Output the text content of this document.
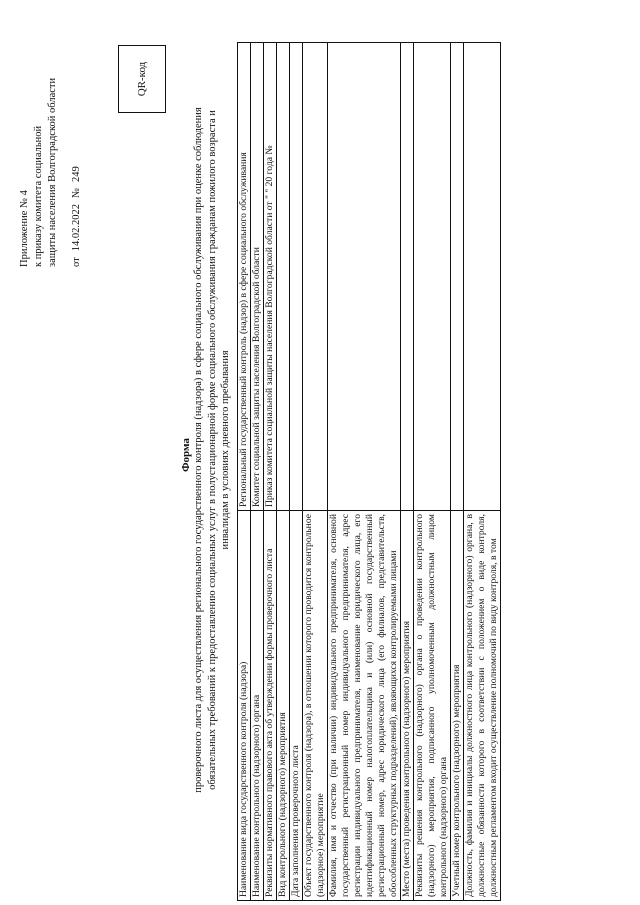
Приложение № 4 к приказу комитета социальной защиты населения Волгоградской области от14.02.2022№249
QR-код
Форма проверочного листа для осуществления регионального государственного контроля (надзора) в сфере социального обслуживания при оценке соблюдения обязательных требований к предоставлению социальных услуг в полустационарной форме социального обслуживания гражданам пожилого возраста и инвалидам в условиях дневного пребывания
Наименование вида государственного контроля (надзора)	Региональный государственный контроль (надзор) в сфере социального обслуживания
Наименование контрольного (надзорного) органа	Комитет социальной защиты населения Волгоградской области
Реквизиты нормативного правового акта об утверждении формы проверочного листа	Приказ комитета социальной защиты населения Волгоградской области от " " 20 года №
Вид контрольного (надзорного) мероприятия	
Дата заполнения проверочного листа	
Объект государственного контроля (надзора), в отношении которого проводится контрольное (надзорное) мероприятие	
Фамилия, имя и отчество (при наличии) индивидуального предпринимателя, основной государственный регистрационный номер индивидуального предпринимателя, адрес регистрации индивидуального предпринимателя, наименование юридического лица, его идентификационный номер налогоплательщика и (или) основной государственный регистрационный номер, адрес юридического лица (его филиалов, представительств, обособленных структурных подразделений), являющихся контролируемыми лицами	
Место (места) проведения контрольного (надзорного) мероприятия	
Реквизиты решения контрольного (надзорного) органа о проведении контрольного (надзорного) мероприятия, подписанного уполномоченным должностным лицом контрольного (надзорного) органа	
Учетный номер контрольного (надзорного) мероприятия	
Должность, фамилия и инициалы должностного лица контрольного (надзорного) органа, в должностные обязанности которого в соответствии с положением о виде контроля, должностным регламентом входит осуществление полномочий по виду контроля, в том	
